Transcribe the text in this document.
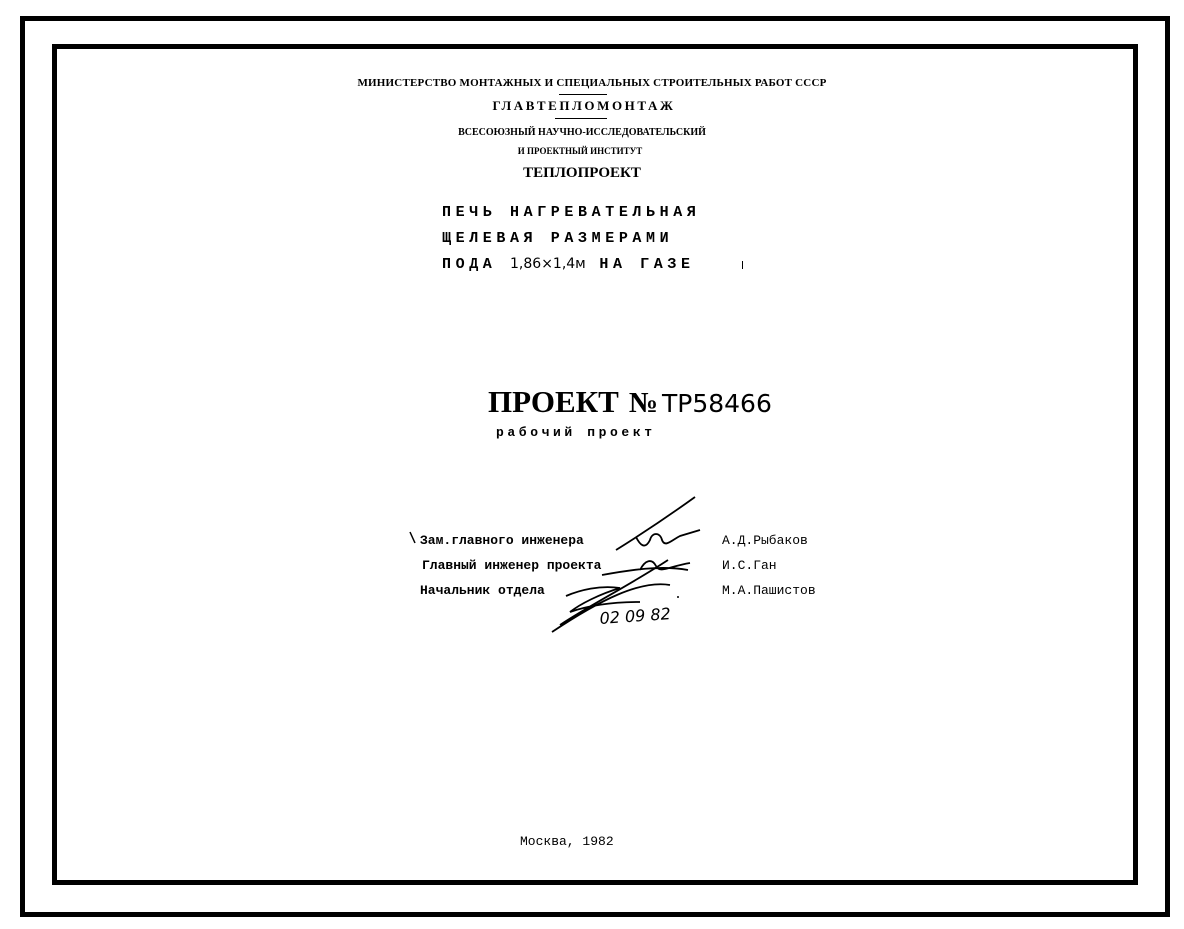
МИНИСТЕРСТВО МОНТАЖНЫХ И СПЕЦИАЛЬНЫХ СТРОИТЕЛЬНЫХ РАБОТ СССР
ГЛАВТЕПЛОМОНТАЖ
ВСЕСОЮЗНЫЙ НАУЧНО-ИССЛЕДОВАТЕЛЬСКИЙ
И ПРОЕКТНЫЙ ИНСТИТУТ
ТЕПЛОПРОЕКТ
ПЕЧЬ НАГРЕВАТЕЛЬНАЯ
ЩЕЛЕВАЯ РАЗМЕРАМИ
ПОДА 1,86×1,4м НА ГАЗЕ
ПРОЕКТ № ТР58466
рабочий проект
Зам.главного инженера
Главный инженер проекта
Начальник отдела
А.Д.Рыбаков
И.С.Ган
М.А.Пашистов
02 09 82
Москва, 1982
